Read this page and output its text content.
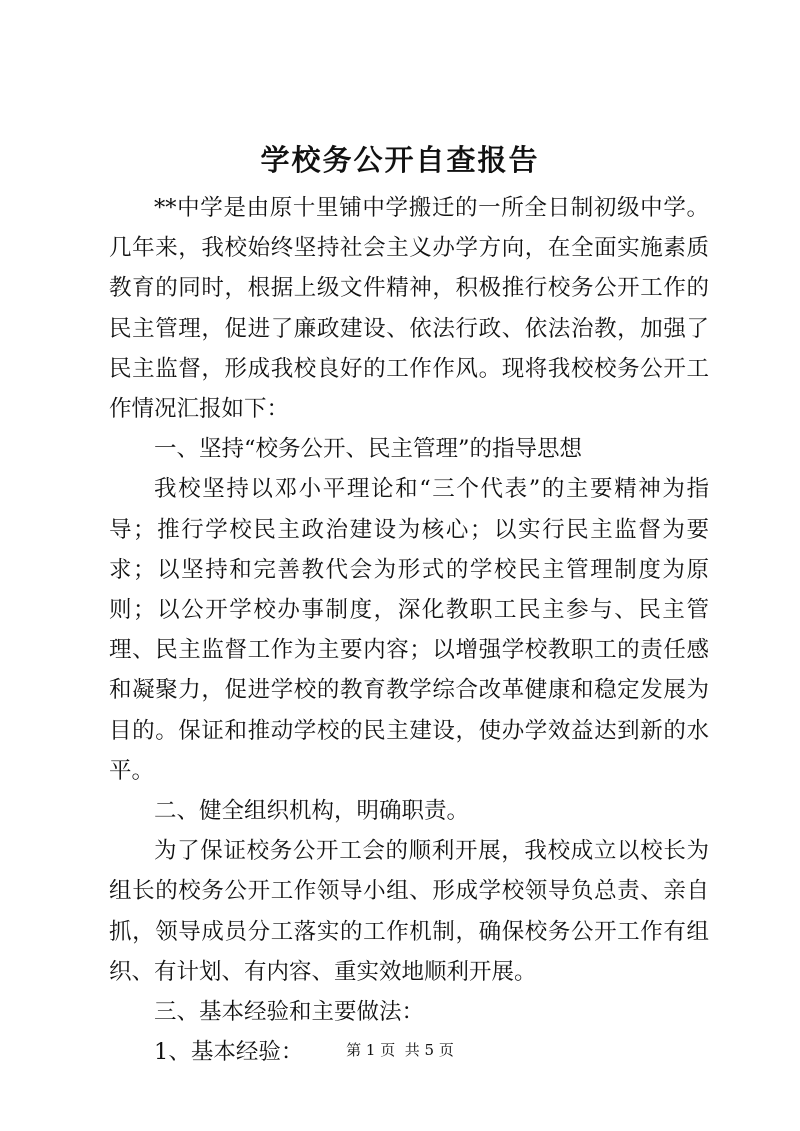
学校务公开自查报告

**中学是由原十里铺中学搬迁的一所全日制初级中学。几年来，我校始终坚持社会主义办学方向，在全面实施素质教育的同时，根据上级文件精神，积极推行校务公开工作的民主管理，促进了廉政建设、依法行政、依法治教，加强了民主监督，形成我校良好的工作作风。现将我校校务公开工作情况汇报如下：

一、坚持“校务公开、民主管理”的指导思想

我校坚持以邓小平理论和“三个代表”的主要精神为指导；推行学校民主政治建设为核心；以实行民主监督为要求；以坚持和完善教代会为形式的学校民主管理制度为原则；以公开学校办事制度，深化教职工民主参与、民主管理、民主监督工作为主要内容；以增强学校教职工的责任感和凝聚力，促进学校的教育教学综合改革健康和稳定发展为目的。保证和推动学校的民主建设，使办学效益达到新的水平。

二、健全组织机构，明确职责。

为了保证校务公开工会的顺利开展，我校成立以校长为组长的校务公开工作领导小组、形成学校领导负总责、亲自抓，领导成员分工落实的工作机制，确保校务公开工作有组织、有计划、有内容、重实效地顺利开展。

三、基本经验和主要做法：

1、基本经验：	第 1 页  共 5 页
